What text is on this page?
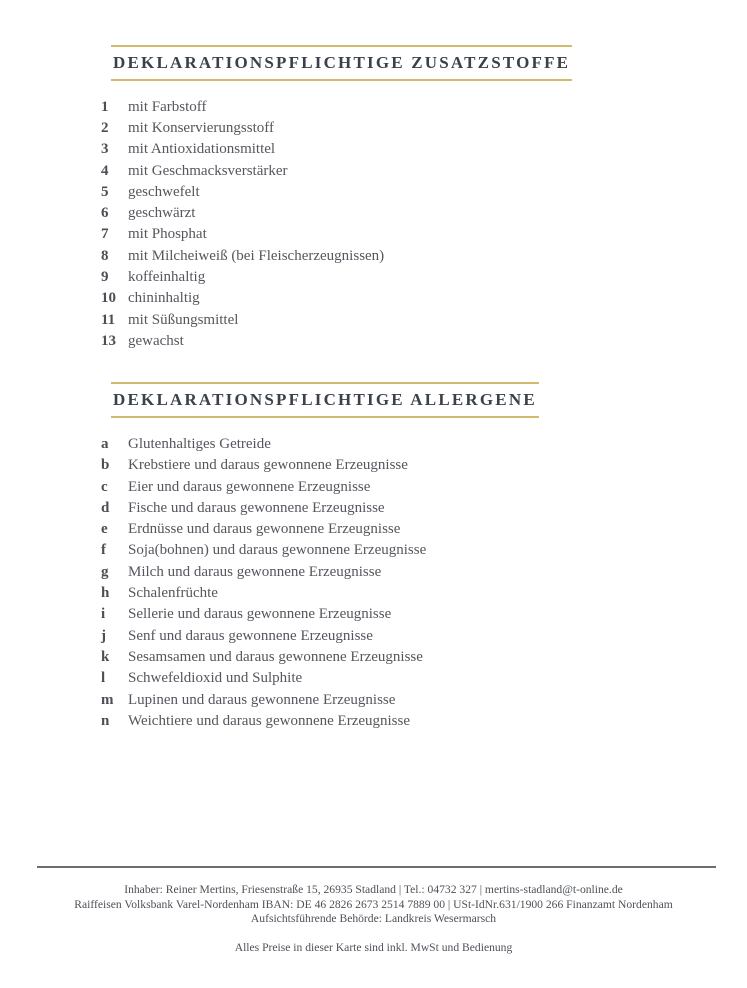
DEKLARATIONSPFLICHTIGE ZUSATZSTOFFE
1	mit Farbstoff
2	mit Konservierungsstoff
3	mit Antioxidationsmittel
4	mit Geschmacksverstärker
5	geschwefelt
6	geschwärzt
7	mit Phosphat
8	mit Milcheiweiß (bei Fleischerzeugnissen)
9	koffeinhaltig
10 chininhaltig
11 mit Süßungsmittel
13 gewachst
DEKLARATIONSPFLICHTIGE ALLERGENE
a	Glutenhaltiges Getreide
b	Krebstiere und daraus gewonnene Erzeugnisse
c	Eier und daraus gewonnene Erzeugnisse
d	Fische und daraus gewonnene Erzeugnisse
e	Erdnüsse und daraus gewonnene Erzeugnisse
f	Soja(bohnen) und daraus gewonnene Erzeugnisse
g	Milch und daraus gewonnene Erzeugnisse
h	Schalenfrüchte
i	Sellerie und daraus gewonnene Erzeugnisse
j	Senf und daraus gewonnene Erzeugnisse
k	Sesamsamen und daraus gewonnene Erzeugnisse
l	Schwefeldioxid und Sulphite
m Lupinen und daraus gewonnene Erzeugnisse
n	Weichtiere und daraus gewonnene Erzeugnisse

Inhaber: Reiner Mertins, Friesenstraße 15, 26935 Stadland | Tel.: 04732 327 | mertins-stadland@t-online.de

Raiffeisen Volksbank Varel-Nordenham IBAN: DE 46 2826 2673 2514 7889 00 | USt-IdNr.631/1900 266 Finanzamt Nordenham

Aufsichtsführende Behörde: Landkreis Wesermarsch

Alles Preise in dieser Karte sind inkl. MwSt und Bedienung
